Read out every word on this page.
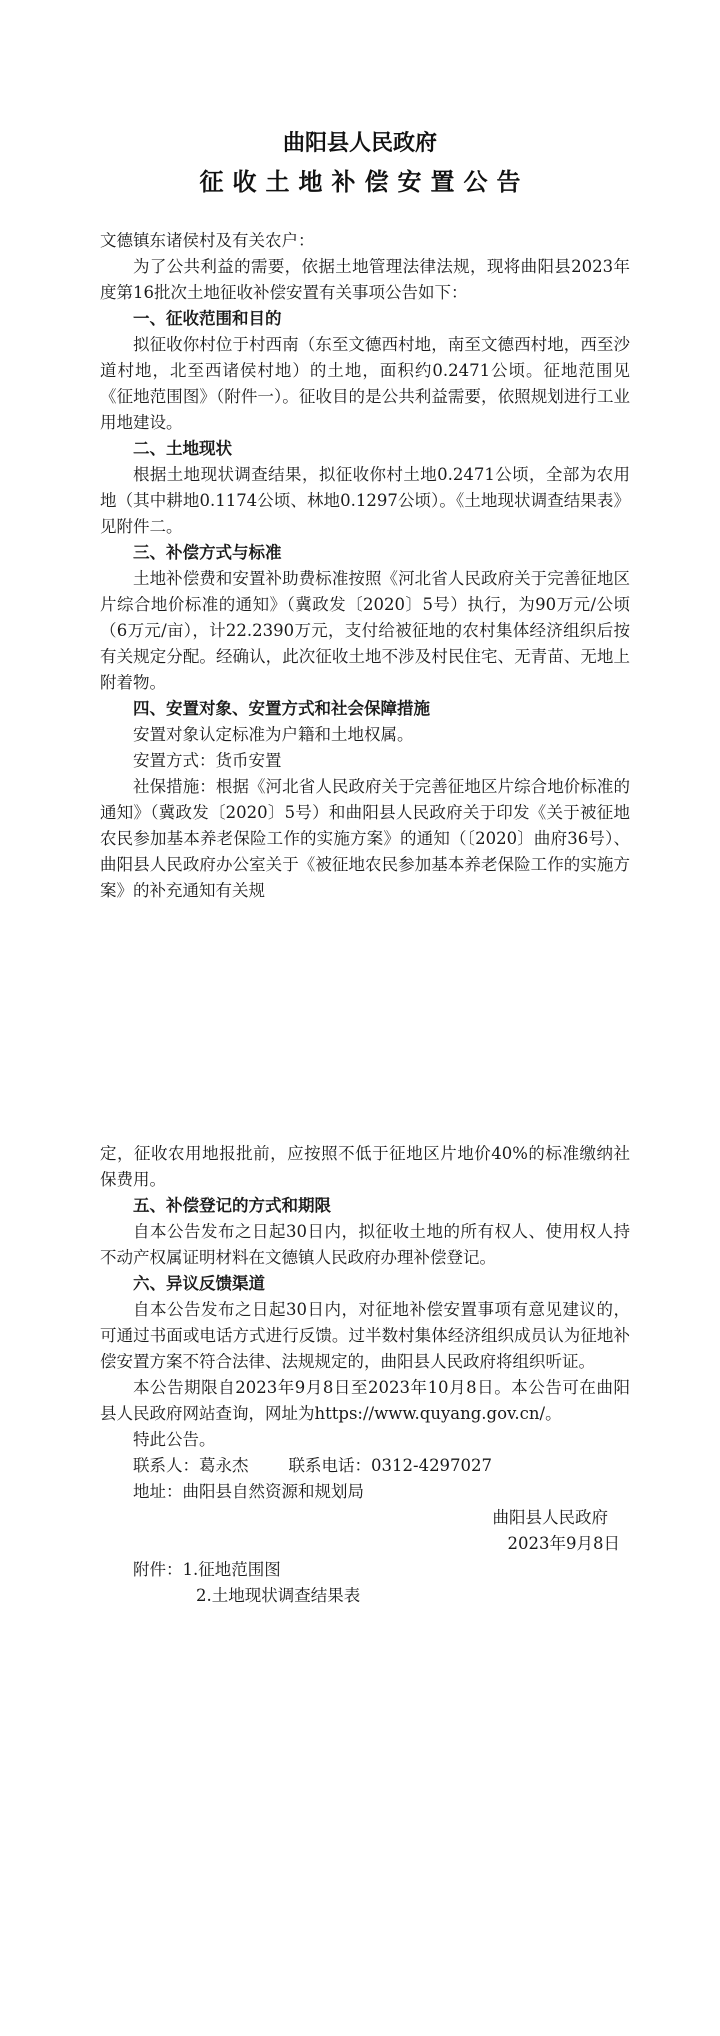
曲阳县人民政府
征收土地补偿安置公告

文德镇东诸侯村及有关农户：

为了公共利益的需要，依据土地管理法律法规，现将曲阳县2023年度第16批次土地征收补偿安置有关事项公告如下：

一、征收范围和目的

拟征收你村位于村西南（东至文德西村地，南至文德西村地，西至沙道村地，北至西诸侯村地）的土地，面积约0.2471公顷。征地范围见《征地范围图》（附件一）。征收目的是公共利益需要，依照规划进行工业用地建设。

二、土地现状

根据土地现状调查结果，拟征收你村土地0.2471公顷，全部为农用地（其中耕地0.1174公顷、林地0.1297公顷）。《土地现状调查结果表》见附件二。

三、补偿方式与标准

土地补偿费和安置补助费标准按照《河北省人民政府关于完善征地区片综合地价标准的通知》（冀政发〔2020〕5号）执行，为90万元/公顷（6万元/亩），计22.2390万元，支付给被征地的农村集体经济组织后按有关规定分配。经确认，此次征收土地不涉及村民住宅、无青苗、无地上附着物。

四、安置对象、安置方式和社会保障措施

安置对象认定标准为户籍和土地权属。

安置方式：货币安置

社保措施：根据《河北省人民政府关于完善征地区片综合地价标准的通知》（冀政发〔2020〕5号）和曲阳县人民政府关于印发《关于被征地农民参加基本养老保险工作的实施方案》的通知（〔2020〕曲府36号）、曲阳县人民政府办公室关于《被征地农民参加基本养老保险工作的实施方案》的补充通知有关规

定，征收农用地报批前，应按照不低于征地区片地价40%的标准缴纳社保费用。

五、补偿登记的方式和期限

自本公告发布之日起30日内，拟征收土地的所有权人、使用权人持不动产权属证明材料在文德镇人民政府办理补偿登记。

六、异议反馈渠道

自本公告发布之日起30日内，对征地补偿安置事项有意见建议的，可通过书面或电话方式进行反馈。过半数村集体经济组织成员认为征地补偿安置方案不符合法律、法规规定的，曲阳县人民政府将组织听证。

本公告期限自2023年9月8日至2023年10月8日。本公告可在曲阳县人民政府网站查询，网址为https://www.quyang.gov.cn/。

特此公告。

联系人：葛永杰 联系电话：0312-4297027

地址：曲阳县自然资源和规划局

曲阳县人民政府

2023年9月8日

附件：1.征地范围图

2.土地现状调查结果表
